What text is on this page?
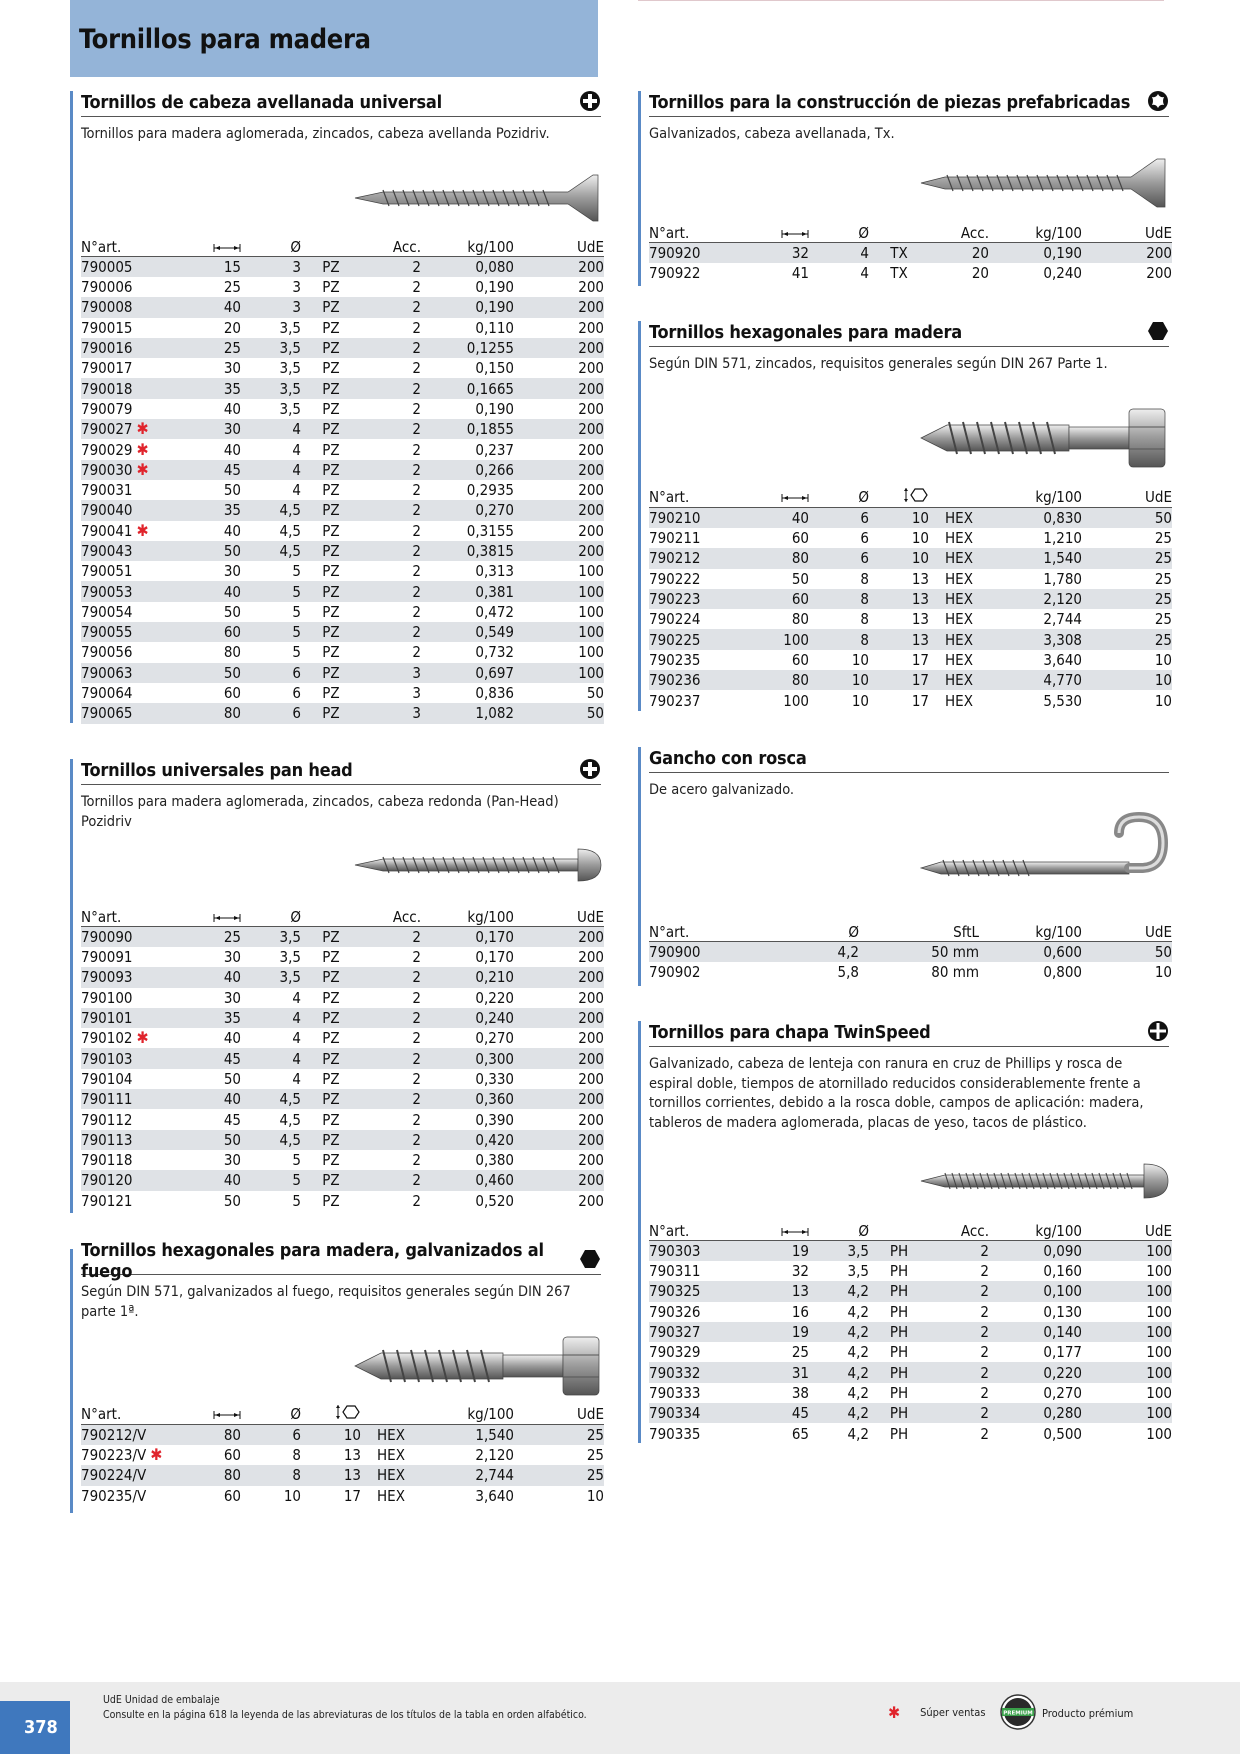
Tornillos para madera
Tornillos de cabeza avellanada universal
Tornillos para madera aglomerada, zincados, cabeza avellanda Pozidriv.
N°art.		Ø		Acc.	kg/100	UdE
790005	15	3	PZ	2	0,080	200
790006	25	3	PZ	2	0,190	200
790008	40	3	PZ	2	0,190	200
790015	20	3,5	PZ	2	0,110	200
790016	25	3,5	PZ	2	0,1255	200
790017	30	3,5	PZ	2	0,150	200
790018	35	3,5	PZ	2	0,1665	200
790079	40	3,5	PZ	2	0,190	200
790027 ✱	30	4	PZ	2	0,1855	200
790029 ✱	40	4	PZ	2	0,237	200
790030 ✱	45	4	PZ	2	0,266	200
790031	50	4	PZ	2	0,2935	200
790040	35	4,5	PZ	2	0,270	200
790041 ✱	40	4,5	PZ	2	0,3155	200
790043	50	4,5	PZ	2	0,3815	200
790051	30	5	PZ	2	0,313	100
790053	40	5	PZ	2	0,381	100
790054	50	5	PZ	2	0,472	100
790055	60	5	PZ	2	0,549	100
790056	80	5	PZ	2	0,732	100
790063	50	6	PZ	3	0,697	100
790064	60	6	PZ	3	0,836	50
790065	80	6	PZ	3	1,082	50
Tornillos universales pan head
Tornillos para madera aglomerada, zincados, cabeza redonda (Pan-Head) Pozidriv
N°art.		Ø		Acc.	kg/100	UdE
790090	25	3,5	PZ	2	0,170	200
790091	30	3,5	PZ	2	0,170	200
790093	40	3,5	PZ	2	0,210	200
790100	30	4	PZ	2	0,220	200
790101	35	4	PZ	2	0,240	200
790102 ✱	40	4	PZ	2	0,270	200
790103	45	4	PZ	2	0,300	200
790104	50	4	PZ	2	0,330	200
790111	40	4,5	PZ	2	0,360	200
790112	45	4,5	PZ	2	0,390	200
790113	50	4,5	PZ	2	0,420	200
790118	30	5	PZ	2	0,380	200
790120	40	5	PZ	2	0,460	200
790121	50	5	PZ	2	0,520	200
Tornillos hexagonales para madera, galvanizados al fuego
Según DIN 571, galvanizados al fuego, requisitos generales según DIN 267 parte 1ª.
N°art.		Ø			kg/100	UdE
790212/V	80	6	10	HEX	1,540	25
790223/V ✱	60	8	13	HEX	2,120	25
790224/V	80	8	13	HEX	2,744	25
790235/V	60	10	17	HEX	3,640	10
Tornillos para la construcción de piezas prefabricadas
Galvanizados, cabeza avellanada, Tx.
N°art.		Ø		Acc.	kg/100	UdE
790920	32	4	TX	20	0,190	200
790922	41	4	TX	20	0,240	200
Tornillos hexagonales para madera
Según DIN 571, zincados, requisitos generales según DIN 267 Parte 1.
N°art.		Ø			kg/100	UdE
790210	40	6	10	HEX	0,830	50
790211	60	6	10	HEX	1,210	25
790212	80	6	10	HEX	1,540	25
790222	50	8	13	HEX	1,780	25
790223	60	8	13	HEX	2,120	25
790224	80	8	13	HEX	2,744	25
790225	100	8	13	HEX	3,308	25
790235	60	10	17	HEX	3,640	10
790236	80	10	17	HEX	4,770	10
790237	100	10	17	HEX	5,530	10
Gancho con rosca
De acero galvanizado.
N°art.	Ø	SftL	kg/100	UdE
790900	4,2	50 mm	0,600	50
790902	5,8	80 mm	0,800	10
Tornillos para chapa TwinSpeed
Galvanizado, cabeza de lenteja con ranura en cruz de Phillips y rosca de espiral doble, tiempos de atornillado reducidos considerablemente frente a tornillos corrientes, debido a la rosca doble, campos de aplicación: madera, tableros de madera aglomerada, placas de yeso, tacos de plástico.
N°art.		Ø		Acc.	kg/100	UdE
790303	19	3,5	PH	2	0,090	100
790311	32	3,5	PH	2	0,160	100
790325	13	4,2	PH	2	0,100	100
790326	16	4,2	PH	2	0,130	100
790327	19	4,2	PH	2	0,140	100
790329	25	4,2	PH	2	0,177	100
790332	31	4,2	PH	2	0,220	100
790333	38	4,2	PH	2	0,270	100
790334	45	4,2	PH	2	0,280	100
790335	65	4,2	PH	2	0,500	100
378
UdE Unidad de embalaje
Consulte en la página 618 la leyenda de las abreviaturas de los títulos de la tabla en orden alfabético.	✱ Súper ventas	PREMIUM Producto prémium
